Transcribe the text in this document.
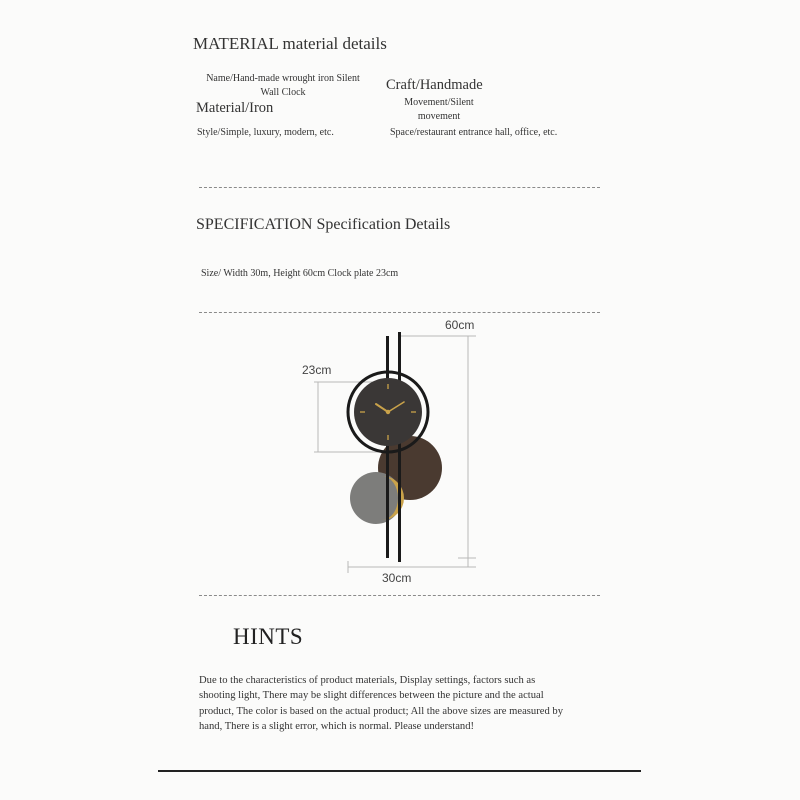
MATERIAL material details
Name/Hand-made wrought iron Silent
Wall Clock
Material/Iron
Style/Simple, luxury, modern, etc.
Craft/Handmade
Movement/Silent
movement
Space/restaurant entrance hall, office, etc.
SPECIFICATION Specification Details
Size/ Width 30m, Height 60cm Clock plate 23cm
60cm
23cm
30cm
HINTS
Due to the characteristics of product materials, Display settings, factors such as
shooting light, There may be slight differences between the picture and the actual
product, The color is based on the actual product; All the above sizes are measured by
hand, There is a slight error, which is normal. Please understand!
